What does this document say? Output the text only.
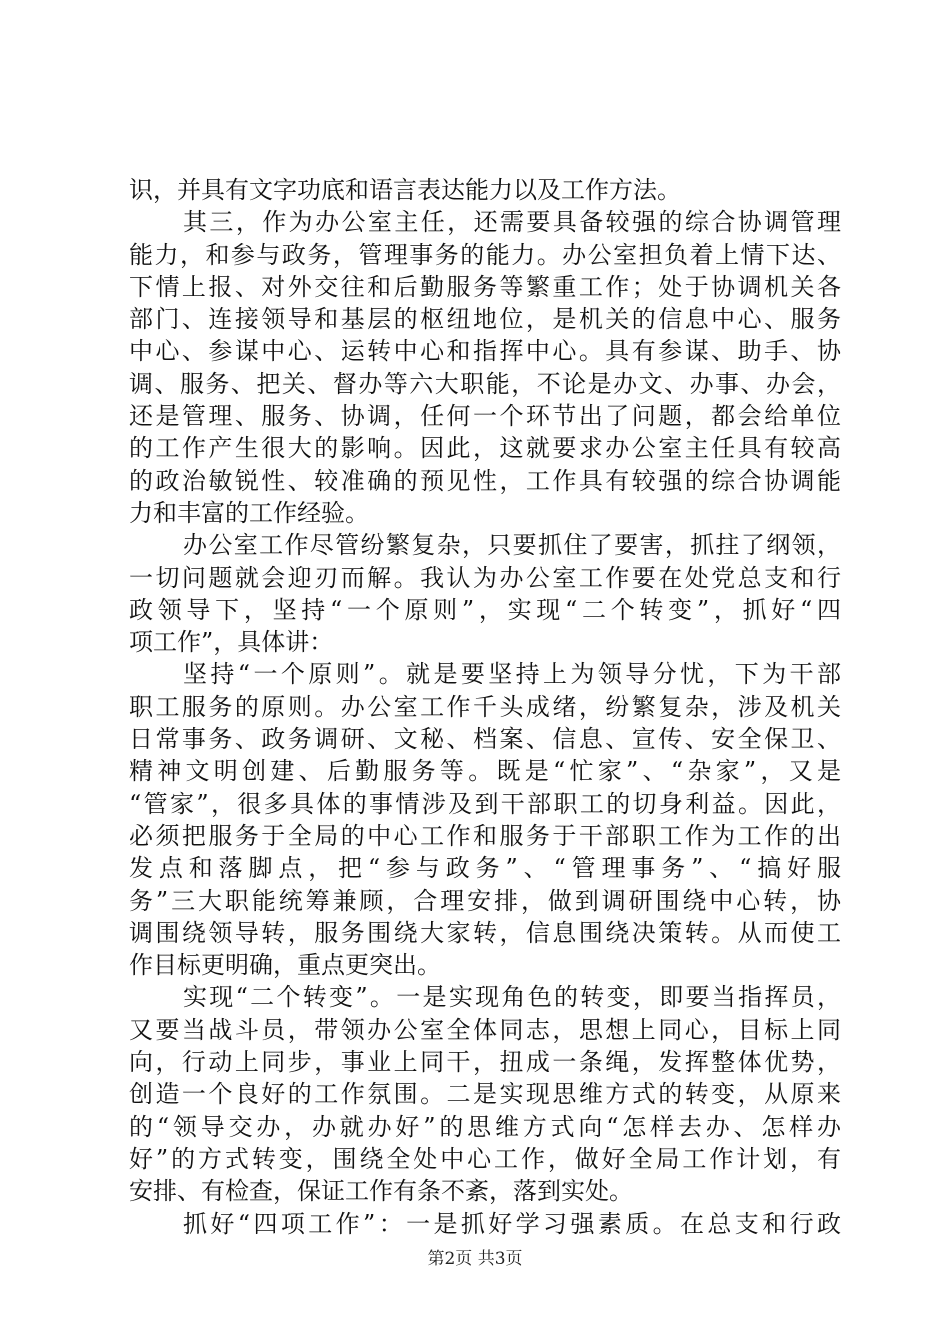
识，并具有文字功底和语言表达能力以及工作方法。
其三，作为办公室主任，还需要具备较强的综合协调管理
能力，和参与政务，管理事务的能力。办公室担负着上情下达、
下情上报、对外交往和后勤服务等繁重工作；处于协调机关各
部门、连接领导和基层的枢纽地位，是机关的信息中心、服务
中心、参谋中心、运转中心和指挥中心。具有参谋、助手、协
调、服务、把关、督办等六大职能，不论是办文、办事、办会，
还是管理、服务、协调，任何一个环节出了问题，都会给单位
的工作产生很大的影响。因此，这就要求办公室主任具有较高
的政治敏锐性、较准确的预见性，工作具有较强的综合协调能
力和丰富的工作经验。
办公室工作尽管纷繁复杂，只要抓住了要害，抓拄了纲领，
一切问题就会迎刃而解。我认为办公室工作要在处党总支和行
政领导下，坚持“一个原则”，实现“二个转变”，抓好“四
项工作”，具体讲：
坚持“一个原则”。就是要坚持上为领导分忧，下为干部
职工服务的原则。办公室工作千头成绪，纷繁复杂，涉及机关
日常事务、政务调研、文秘、档案、信息、宣传、安全保卫、
精神文明创建、后勤服务等。既是“忙家”、“杂家”，又是
“管家”，很多具体的事情涉及到干部职工的切身利益。因此，
必须把服务于全局的中心工作和服务于干部职工作为工作的出
发点和落脚点，把“参与政务”、“管理事务”、“搞好服
务”三大职能统筹兼顾，合理安排，做到调研围绕中心转，协
调围绕领导转，服务围绕大家转，信息围绕决策转。从而使工
作目标更明确，重点更突出。
实现“二个转变”。一是实现角色的转变，即要当指挥员，
又要当战斗员，带领办公室全体同志，思想上同心，目标上同
向，行动上同步，事业上同干，扭成一条绳，发挥整体优势，
创造一个良好的工作氛围。二是实现思维方式的转变，从原来
的“领导交办，办就办好”的思维方式向“怎样去办、怎样办
好”的方式转变，围绕全处中心工作，做好全局工作计划，有
安排、有检查，保证工作有条不紊，落到实处。
抓好“四项工作”：一是抓好学习强素质。在总支和行政
第2页 共3页
